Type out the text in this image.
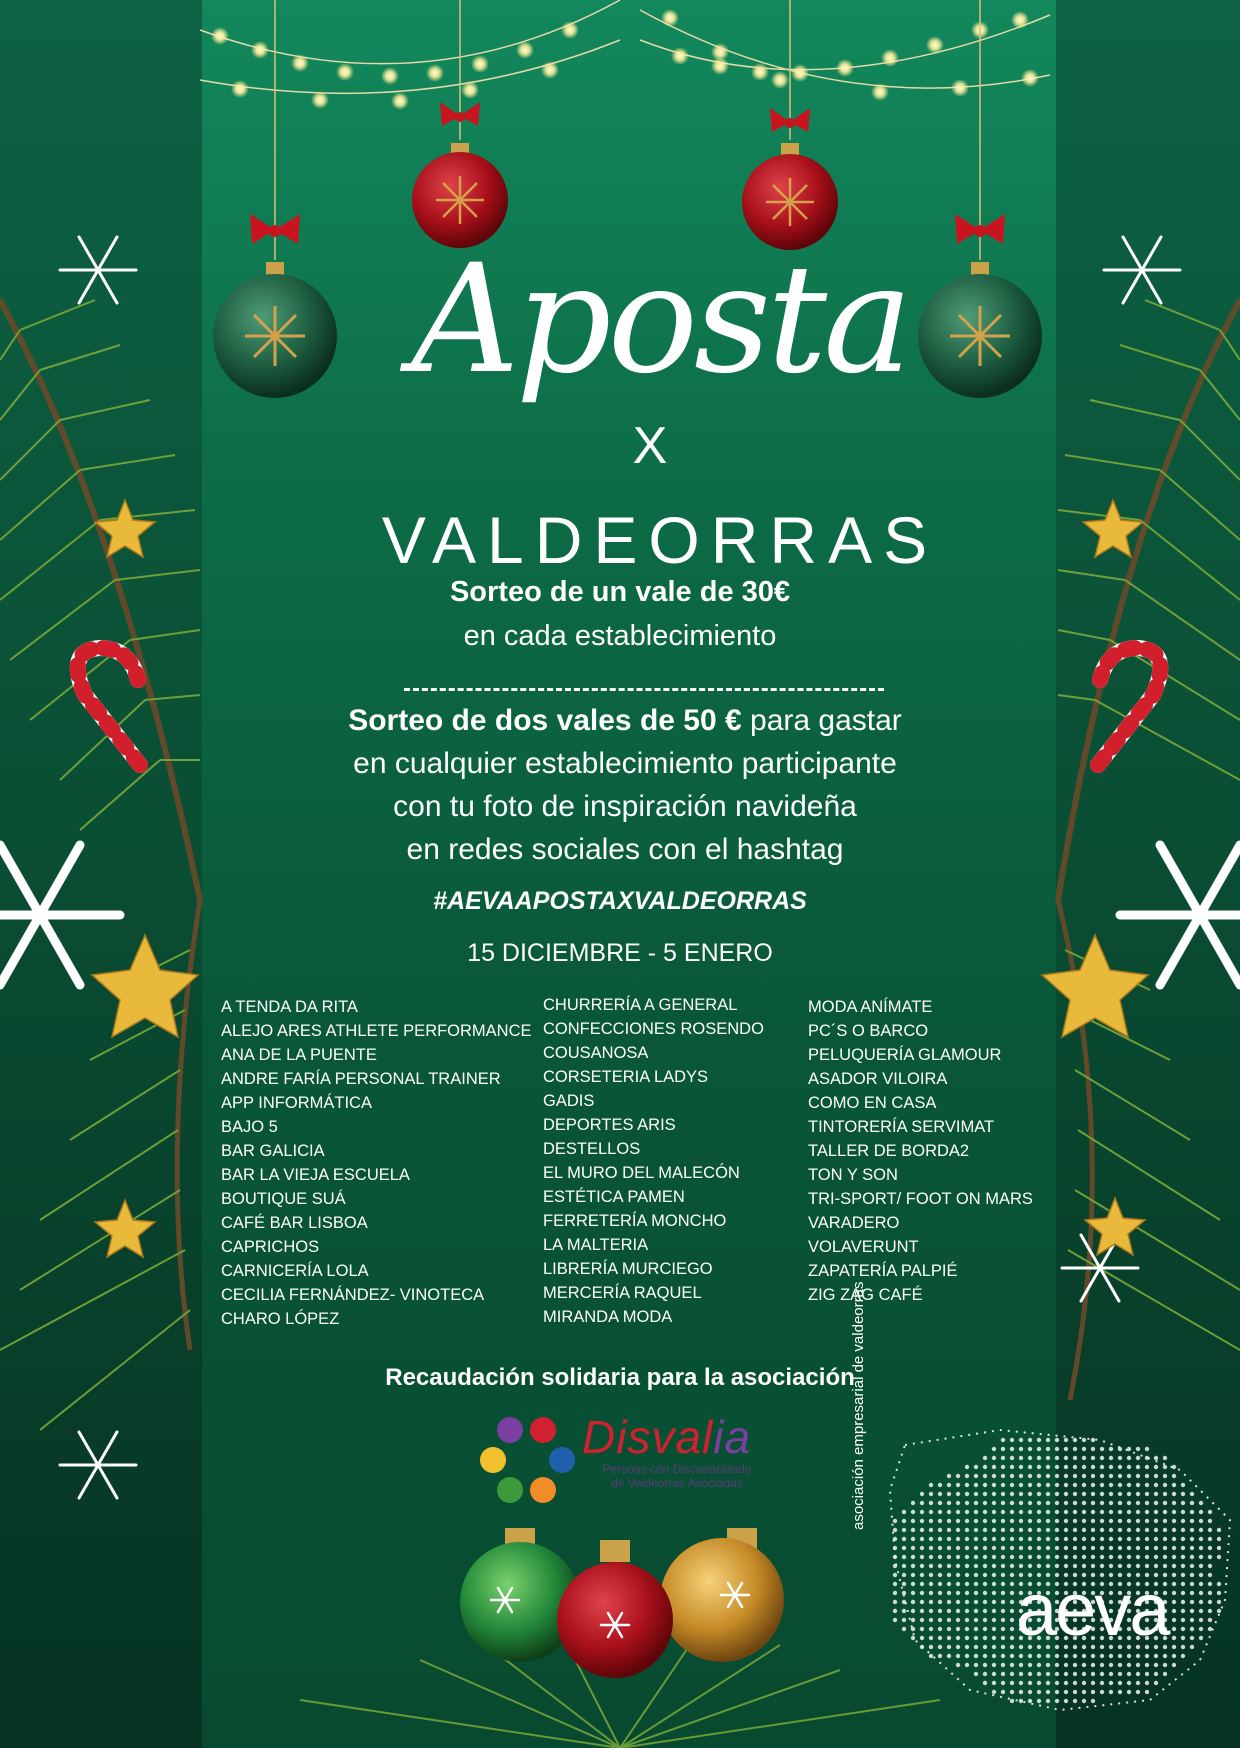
Aposta
X
VALDEORRAS
Sorteo de un vale de 30€
en cada establecimiento
Sorteo de dos vales de 50 € para gastar
en cualquier establecimiento participante
con tu foto de inspiración navideña
en redes sociales con el hashtag
#AEVAAPOSTAXVALDEORRAS
15 DICIEMBRE - 5 ENERO
A TENDA DA RITA
ALEJO ARES ATHLETE PERFORMANCE
ANA DE LA PUENTE
ANDRE FARÍA PERSONAL TRAINER
APP INFORMÁTICA
BAJO 5
BAR GALICIA
BAR LA VIEJA ESCUELA
BOUTIQUE SUÁ
CAFÉ BAR LISBOA
CAPRICHOS
CARNICERÍA LOLA
CECILIA FERNÁNDEZ- VINOTECA
CHARO LÓPEZ
CHURRERÍA A GENERAL
CONFECCIONES ROSENDO
COUSANOSA
CORSETERIA LADYS
GADIS
DEPORTES ARIS
DESTELLOS
EL MURO DEL MALECÓN
ESTÉTICA PAMEN
FERRETERÍA MONCHO
LA MALTERIA
LIBRERÍA MURCIEGO
MERCERÍA RAQUEL
MIRANDA MODA
MODA ANÍMATE
PC´S O BARCO
PELUQUERÍA GLAMOUR
ASADOR VILOIRA
COMO EN CASA
TINTORERÍA SERVIMAT
TALLER DE BORDA2
TON Y SON
TRI-SPORT/ FOOT ON MARS
VARADERO
VOLAVERUNT
ZAPATERÍA PALPIÉ
ZIG ZAG CAFÉ
Recaudación solidaria para la asociación
Disvalia
Persoas con Discapacidade
de Valdeorras Asociadas
aeva
asociación empresarial de valdeorras
